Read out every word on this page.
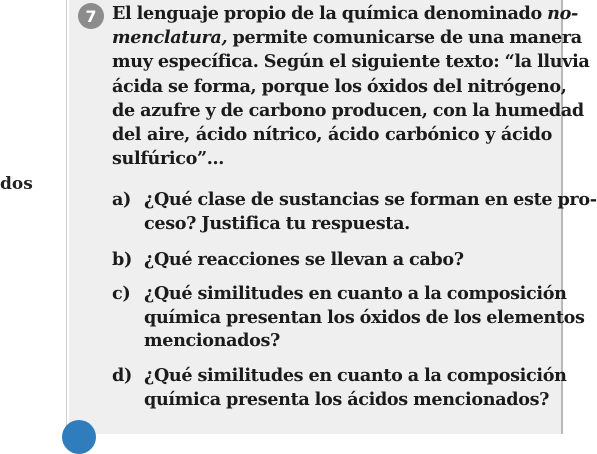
dos
7 El lenguaje propio de la química denominado no-
menclatura, permite comunicarse de una manera
muy específica. Según el siguiente texto: “la lluvia
ácida se forma, porque los óxidos del nitrógeno,
de azufre y de carbono producen, con la humedad
del aire, ácido nítrico, ácido carbónico y ácido
sulfúrico”…
a) ¿Qué clase de sustancias se forman en este pro-
ceso? Justifica tu respuesta.
b) ¿Qué reacciones se llevan a cabo?
c) ¿Qué similitudes en cuanto a la composición
química presentan los óxidos de los elementos
mencionados?
d) ¿Qué similitudes en cuanto a la composición
química presenta los ácidos mencionados?
